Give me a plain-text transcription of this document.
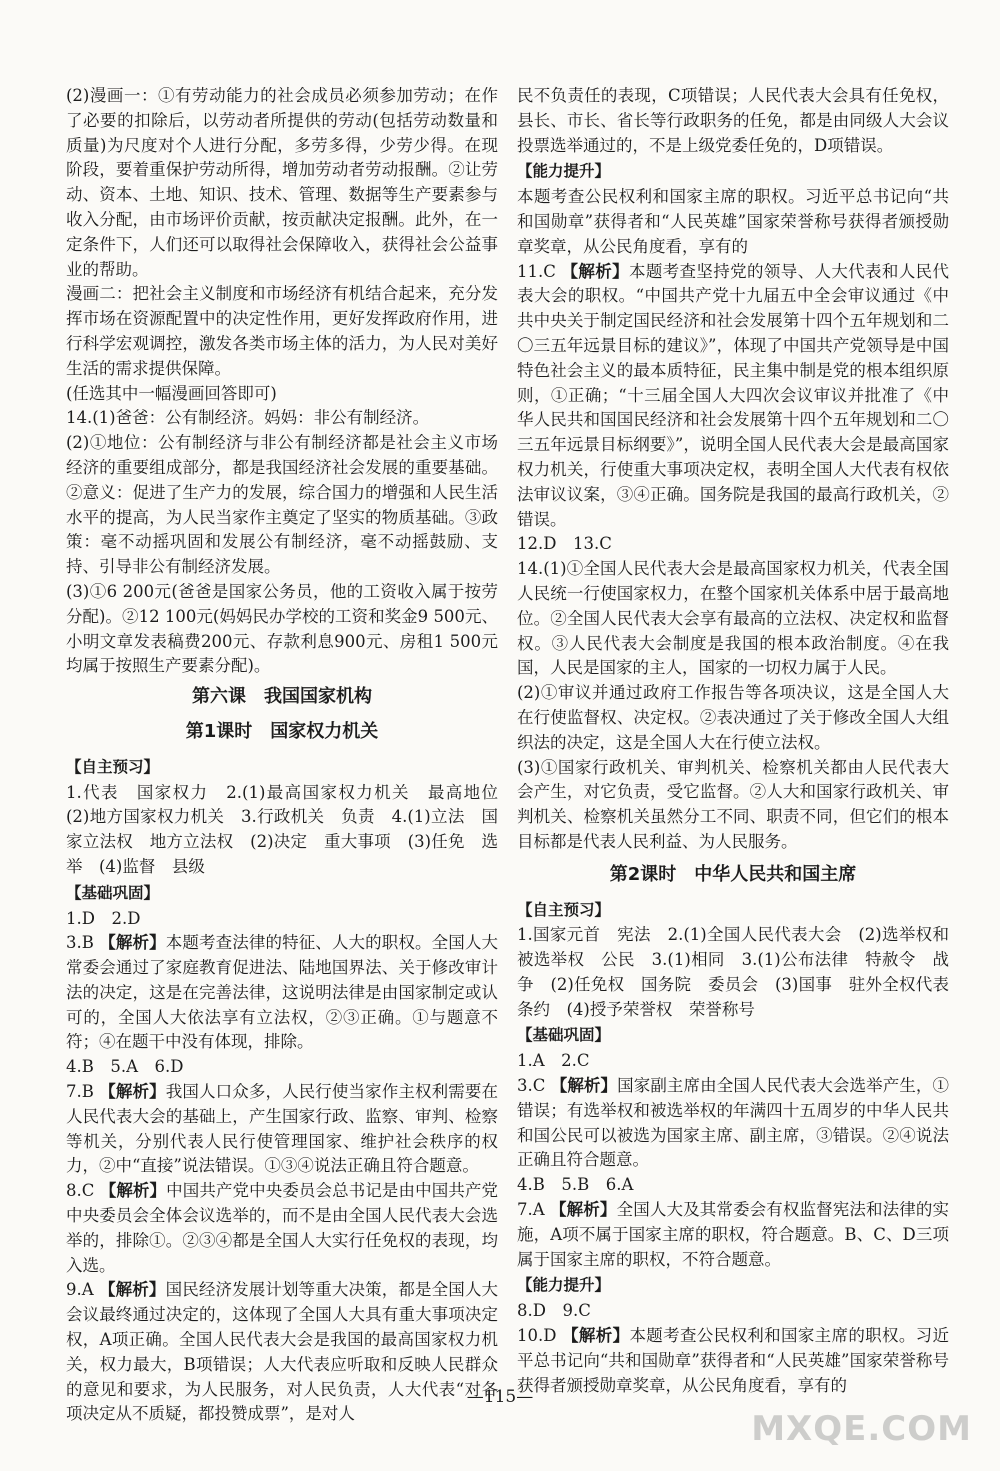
(2)漫画一：①有劳动能力的社会成员必须参加劳动；在作了必要的扣除后，以劳动者所提供的劳动(包括劳动数量和质量)为尺度对个人进行分配，多劳多得，少劳少得。在现阶段，要着重保护劳动所得，增加劳动者劳动报酬。②让劳动、资本、土地、知识、技术、管理、数据等生产要素参与收入分配，由市场评价贡献，按贡献决定报酬。此外，在一定条件下，人们还可以取得社会保障收入，获得社会公益事业的帮助。
漫画二：把社会主义制度和市场经济有机结合起来，充分发挥市场在资源配置中的决定性作用，更好发挥政府作用，进行科学宏观调控，激发各类市场主体的活力，为人民对美好生活的需求提供保障。
(任选其中一幅漫画回答即可)
14.(1)爸爸：公有制经济。妈妈：非公有制经济。
(2)①地位：公有制经济与非公有制经济都是社会主义市场经济的重要组成部分，都是我国经济社会发展的重要基础。②意义：促进了生产力的发展，综合国力的增强和人民生活水平的提高，为人民当家作主奠定了坚实的物质基础。③政策：毫不动摇巩固和发展公有制经济，毫不动摇鼓励、支持、引导非公有制经济发展。
(3)①6 200元(爸爸是国家公务员，他的工资收入属于按劳分配)。②12 100元(妈妈民办学校的工资和奖金9 500元、小明文章发表稿费200元、存款利息900元、房租1 500元均属于按照生产要素分配)。
第六课　我国国家机构
第1课时　国家权力机关
【自主预习】
1.代表　国家权力　2.(1)最高国家权力机关　最高地位　(2)地方国家权力机关　3.行政机关　负责　4.(1)立法　国家立法权　地方立法权　(2)决定　重大事项　(3)任免　选举　(4)监督　县级
【基础巩固】
1.D　2.D
3.B 【解析】本题考查法律的特征、人大的职权。全国人大常委会通过了家庭教育促进法、陆地国界法、关于修改审计法的决定，这是在完善法律，这说明法律是由国家制定或认可的，全国人大依法享有立法权，②③正确。①与题意不符；④在题干中没有体现，排除。
4.B　5.A　6.D
7.B 【解析】我国人口众多，人民行使当家作主权利需要在人民代表大会的基础上，产生国家行政、监察、审判、检察等机关，分别代表人民行使管理国家、维护社会秩序的权力，②中“直接”说法错误。①③④说法正确且符合题意。
8.C 【解析】中国共产党中央委员会总书记是由中国共产党中央委员会全体会议选举的，而不是由全国人民代表大会选举的，排除①。②③④都是全国人大实行任免权的表现，均入选。
9.A 【解析】国民经济发展计划等重大决策，都是全国人大会议最终通过决定的，这体现了全国人大具有重大事项决定权，A项正确。全国人民代表大会是我国的最高国家权力机关，权力最大，B项错误；人大代表应听取和反映人民群众的意见和要求，为人民服务，对人民负责，人大代表“对各项决定从不质疑，都投赞成票”，是对人
民不负责任的表现，C项错误；人民代表大会具有任免权，县长、市长、省长等行政职务的任免，都是由同级人大会议投票选举通过的，不是上级党委任免的，D项错误。
【能力提升】
本题考查公民权利和国家主席的职权。习近平总书记向“共和国勋章”获得者和“人民英雄”国家荣誉称号获得者颁授勋章奖章，从公民角度看，享有的
11.C 【解析】本题考查坚持党的领导、人大代表和人民代表大会的职权。“中国共产党十九届五中全会审议通过《中共中央关于制定国民经济和社会发展第十四个五年规划和二〇三五年远景目标的建议》”，体现了中国共产党领导是中国特色社会主义的最本质特征，民主集中制是党的根本组织原则，①正确；“十三届全国人大四次会议审议并批准了《中华人民共和国国民经济和社会发展第十四个五年规划和二〇三五年远景目标纲要》”，说明全国人民代表大会是最高国家权力机关，行使重大事项决定权，表明全国人大代表有权依法审议议案，③④正确。国务院是我国的最高行政机关，②错误。
12.D　13.C
14.(1)①全国人民代表大会是最高国家权力机关，代表全国人民统一行使国家权力，在整个国家机关体系中居于最高地位。②全国人民代表大会享有最高的立法权、决定权和监督权。③人民代表大会制度是我国的根本政治制度。④在我国，人民是国家的主人，国家的一切权力属于人民。
(2)①审议并通过政府工作报告等各项决议，这是全国人大在行使监督权、决定权。②表决通过了关于修改全国人大组织法的决定，这是全国人大在行使立法权。
(3)①国家行政机关、审判机关、检察机关都由人民代表大会产生，对它负责，受它监督。②人大和国家行政机关、审判机关、检察机关虽然分工不同、职责不同，但它们的根本目标都是代表人民利益、为人民服务。
第2课时　中华人民共和国主席
【自主预习】
1.国家元首　宪法　2.(1)全国人民代表大会　(2)选举权和被选举权　公民　3.(1)相同　3.(1)公布法律　特赦令　战争　(2)任免权　国务院　委员会　(3)国事　驻外全权代表　条约　(4)授予荣誉权　荣誉称号
【基础巩固】
1.A　2.C
3.C 【解析】国家副主席由全国人民代表大会选举产生，①错误；有选举权和被选举权的年满四十五周岁的中华人民共和国公民可以被选为国家主席、副主席，③错误。②④说法正确且符合题意。
4.B　5.B　6.A
7.A 【解析】全国人大及其常委会有权监督宪法和法律的实施，A项不属于国家主席的职权，符合题意。B、C、D三项属于国家主席的职权，不符合题意。
【能力提升】
8.D　9.C
10.D 【解析】本题考查公民权利和国家主席的职权。习近平总书记向“共和国勋章”获得者和“人民英雄”国家荣誉称号获得者颁授勋章奖章，从公民角度看，享有的
—115—
MXQE.COM
